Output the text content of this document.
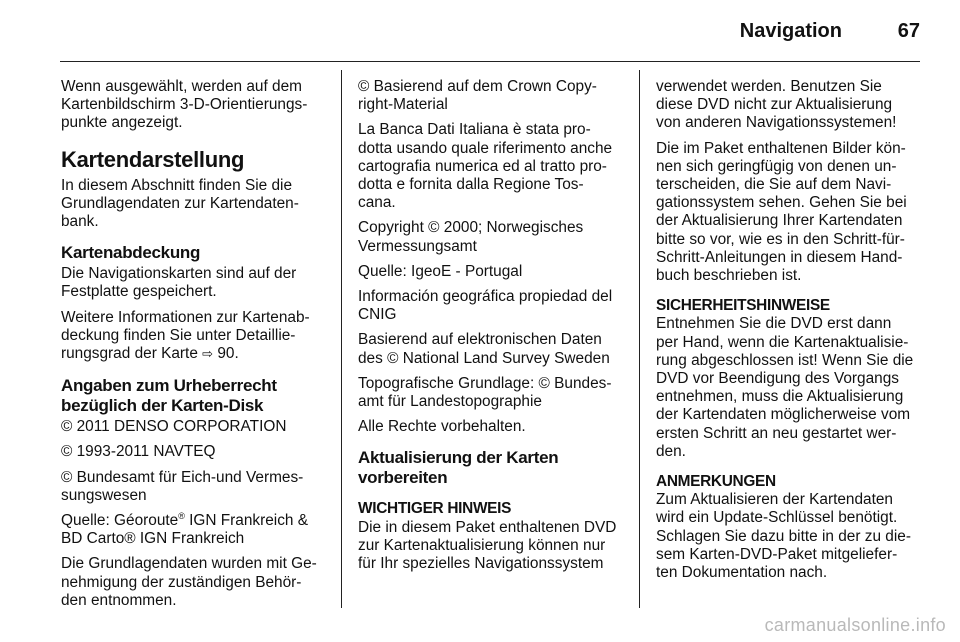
Navigation	67

Wenn ausgewählt, werden auf dem
Kartenbildschirm 3-D-Orientierungs-
punkte angezeigt.

Kartendarstellung

In diesem Abschnitt finden Sie die
Grundlagendaten zur Kartendaten-
bank.

Kartenabdeckung

Die Navigationskarten sind auf der
Festplatte gespeichert.

Weitere Informationen zur Kartenab-
deckung finden Sie unter Detaillie-
rungsgrad der Karte ⇨ 90.

Angaben zum Urheberrecht
bezüglich der Karten-Disk

© 2011 DENSO CORPORATION

© 1993-2011 NAVTEQ

© Bundesamt für Eich-und Vermes-
sungswesen

Quelle: Géoroute® IGN Frankreich &
BD Carto® IGN Frankreich

Die Grundlagendaten wurden mit Ge-
nehmigung der zuständigen Behör-
den entnommen.

© Basierend auf dem Crown Copy-
right-Material

La Banca Dati Italiana è stata pro-
dotta usando quale riferimento anche
cartografia numerica ed al tratto pro-
dotta e fornita dalla Regione Tos-
cana.

Copyright © 2000; Norwegisches
Vermessungsamt

Quelle: IgeoE - Portugal

Información geográfica propiedad del
CNIG

Basierend auf elektronischen Daten
des © National Land Survey Sweden

Topografische Grundlage: © Bundes-
amt für Landestopographie

Alle Rechte vorbehalten.

Aktualisierung der Karten
vorbereiten
WICHTIGER HINWEIS

Die in diesem Paket enthaltenen DVD
zur Kartenaktualisierung können nur
für Ihr spezielles Navigationssystem

verwendet werden. Benutzen Sie
diese DVD nicht zur Aktualisierung
von anderen Navigationssystemen!

Die im Paket enthaltenen Bilder kön-
nen sich geringfügig von denen un-
terscheiden, die Sie auf dem Navi-
gationssystem sehen. Gehen Sie bei
der Aktualisierung Ihrer Kartendaten
bitte so vor, wie es in den Schritt-für-
Schritt-Anleitungen in diesem Hand-
buch beschrieben ist.

SICHERHEITSHINWEISE

Entnehmen Sie die DVD erst dann
per Hand, wenn die Kartenaktualisie-
rung abgeschlossen ist! Wenn Sie die
DVD vor Beendigung des Vorgangs
entnehmen, muss die Aktualisierung
der Kartendaten möglicherweise vom
ersten Schritt an neu gestartet wer-
den.

ANMERKUNGEN

Zum Aktualisieren der Kartendaten
wird ein Update-Schlüssel benötigt.
Schlagen Sie dazu bitte in der zu die-
sem Karten-DVD-Paket mitgeliefer-
ten Dokumentation nach.

carmanualsonline.info
